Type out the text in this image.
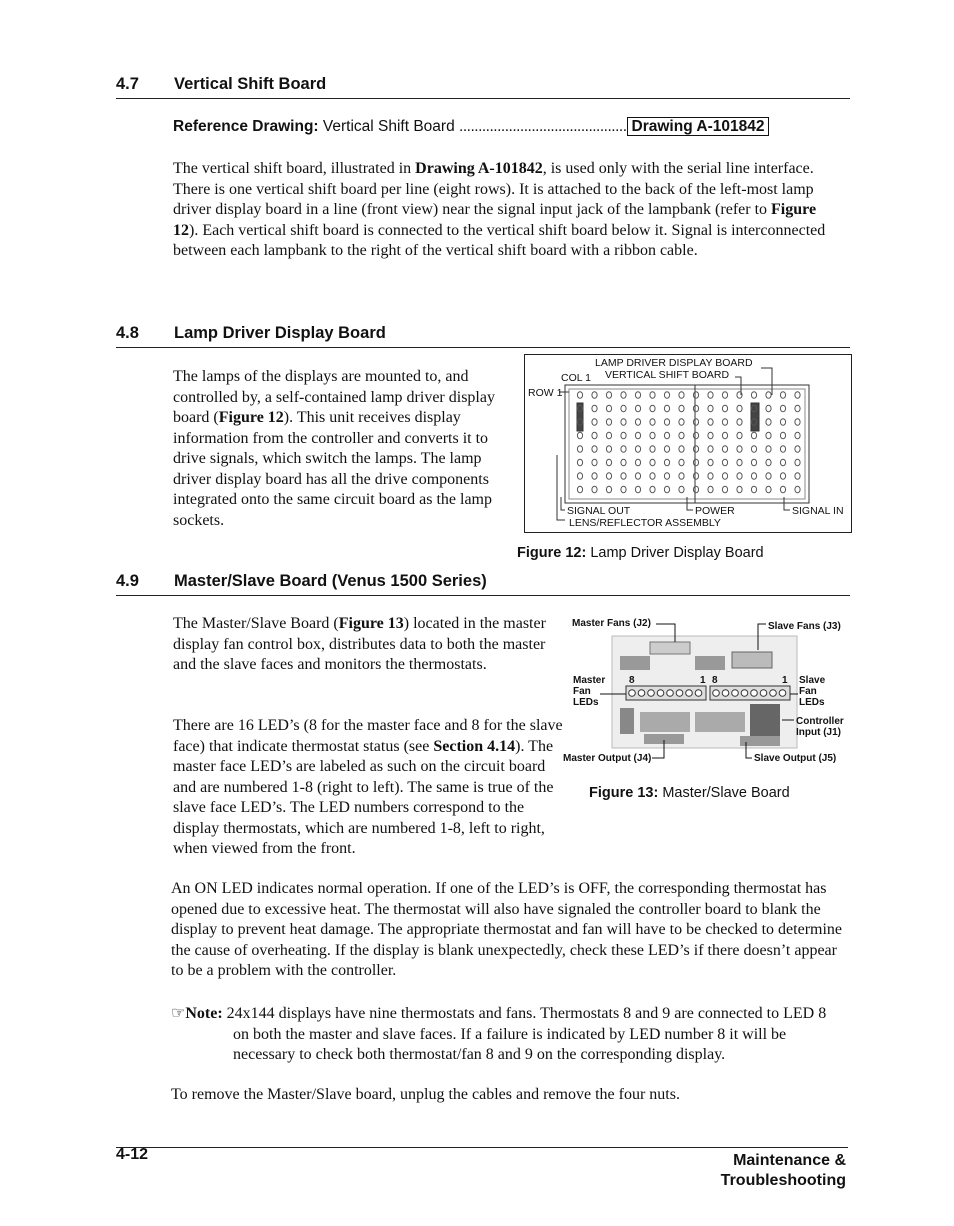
4.7 Vertical Shift Board
Reference Drawing: Vertical Shift Board ............................................ Drawing A-101842

The vertical shift board, illustrated in Drawing A-101842, is used only with the serial line interface. There is one vertical shift board per line (eight rows). It is attached to the back of the left-most lamp driver display board in a line (front view) near the signal input jack of the lampbank (refer to Figure 12). Each vertical shift board is connected to the vertical shift board below it. Signal is interconnected between each lampbank to the right of the vertical shift board with a ribbon cable.

4.8 Lamp Driver Display Board

The lamps of the displays are mounted to, and controlled by, a self-contained lamp driver display board (Figure 12). This unit receives display information from the controller and converts it to drive signals, which switch the lamps. The lamp driver display board has all the drive components integrated onto the same circuit board as the lamp sockets.

LAMP DRIVER DISPLAY BOARD
COL 1 VERTICAL SHIFT BOARD
ROW 1
SIGNAL OUT	POWER	SIGNAL IN
LENS/REFLECTOR ASSEMBLY
Figure 12: Lamp Driver Display Board
4.9 Master/Slave Board (Venus 1500 Series)

The Master/Slave Board (Figure 13) located in the master display fan control box, distributes data to both the master and the slave faces and monitors the thermostats.

There are 16 LED’s (8 for the master face and 8 for the slave face) that indicate thermostat status (see Section 4.14). The master face LED’s are labeled as such on the circuit board and are numbered 1-8 (right to left). The same is true of the slave face LED’s. The LED numbers correspond to the display thermostats, which are numbered 1-8, left to right, when viewed from the front.

Master Fans (J2)	Slave Fans (J3)
Master
Fan
LEDs
Slave
Fan
LEDs
Controller
Input (J1)
Master Output (J4)	Slave Output (J5)
8	1 8	1
Figure 13: Master/Slave Board

An ON LED indicates normal operation. If one of the LED’s is OFF, the corresponding thermostat has opened due to excessive heat. The thermostat will also have signaled the controller board to blank the display to prevent heat damage. The appropriate thermostat and fan will have to be checked to determine the cause of overheating. If the display is blank unexpectedly, check these LED’s if there doesn’t appear to be a problem with the controller.

☞Note: 24x144 displays have nine thermostats and fans. Thermostats 8 and 9 are connected to LED 8 on both the master and slave faces. If a failure is indicated by LED number 8 it will be necessary to check both thermostat/fan 8 and 9 on the corresponding display.

To remove the Master/Slave board, unplug the cables and remove the four nuts.

4-12	Maintenance &
Troubleshooting
